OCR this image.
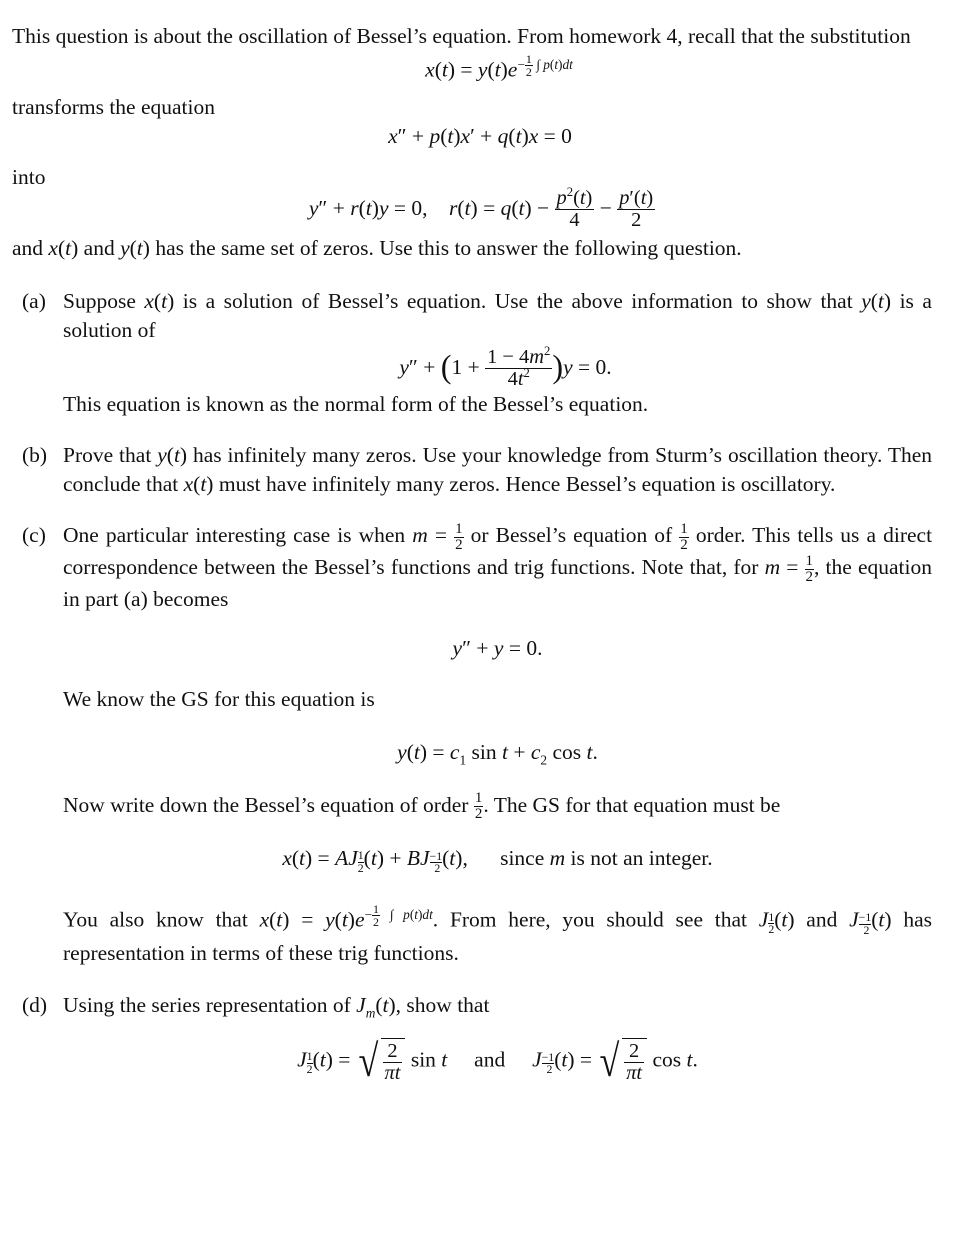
This question is about the oscillation of Bessel’s equation. From homework 4, recall that the substitution

$x(t) = y(t)e^{- \frac{1}{2} \int p(t)dt}$

transforms the equation

x″ + p(t)x′ + q(t)x = 0

into

y″ + r(t)y = 0,    $r(t) = q(t) - \frac{p^2(t)}{4} - \frac{p'(t)}{2}$

and x(t) and y(t) has the same set of zeros. Use this to answer the following question.

(a) Suppose x(t) is a solution of Bessel’s equation. Use the above information to show that y(t) is a solution of

$y'' + (1 + \frac{1 - 4m^2}{4t^2} )y = 0$.

This equation is known as the normal form of the Bessel’s equation.

(b) Prove that y(t) has infinitely many zeros. Use your knowledge from Sturm’s oscillation theory. Then conclude that x(t) must have infinitely many zeros. Hence Bessel’s equation is oscillatory.

(c) One particular interesting case is when $m = \frac{1}{2}$ or Bessel’s equation of $\frac{1}{2}$ order. This tells us a direct correspondence between the Bessel’s functions and trig functions. Note that, for $m = \frac{1}{2}$ , the equation in part (a) becomes

y″ + y = 0.

We know the GS for this equation is

$y(t) = c_1$ $\sin t + c_2$ cos t.

Now write down the Bessel’s equation of order $\frac{1}{2}$ . The GS for that equation must be

x(t) = AJ $\frac{1}{2} (t)$ + BJ $\frac{-1}{2} (t)$,      since m is not an integer.

You also know that $x(t) = y(t)e^{- \frac{1}{2} \int p(t)dt}$. From here, you should see that J $\frac{1}{2} (t)$ and J $\frac{-1}{2} (t)$ has representation in terms of these trig functions.

(d) Using the series representation of $J_m(t)$, show that

J $\frac{1}{2} (t)$ = √ $\frac{2}{\pi t}$ sin t and J $\frac{-1}{2} (t)$ = √ $\frac{2}{\pi t}$ cos t.
